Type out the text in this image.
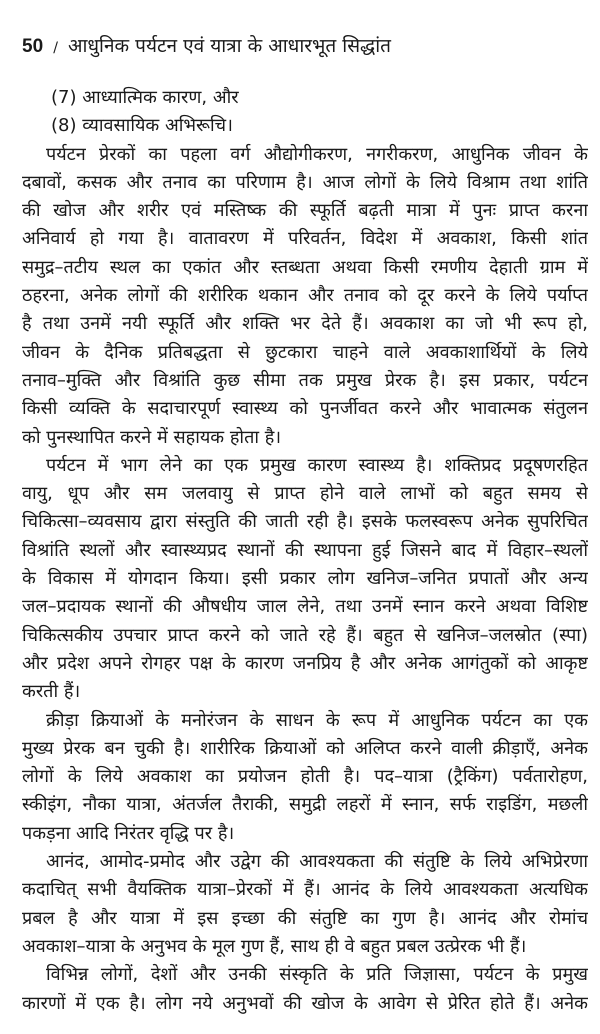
50 / आधुनिक पर्यटन एवं यात्रा के आधारभूत सिद्धांत
(7) आध्यात्मिक कारण, और
(8) व्यावसायिक अभिरूचि।
पर्यटन प्रेरकों का पहला वर्ग औद्योगीकरण, नगरीकरण, आधुनिक जीवन के
दबावों, कसक और तनाव का परिणाम है। आज लोगों के लिये विश्राम तथा शांति
की खोज और शरीर एवं मस्तिष्क की स्फूर्ति बढ़ती मात्रा में पुनः प्राप्त करना
अनिवार्य हो गया है। वातावरण में परिवर्तन, विदेश में अवकाश, किसी शांत
समुद्र–तटीय स्थल का एकांत और स्तब्धता अथवा किसी रमणीय देहाती ग्राम में
ठहरना, अनेक लोगों की शरीरिक थकान और तनाव को दूर करने के लिये पर्याप्त
है तथा उनमें नयी स्फूर्ति और शक्ति भर देते हैं। अवकाश का जो भी रूप हो,
जीवन के दैनिक प्रतिबद्धता से छुटकारा चाहने वाले अवकाशार्थियों के लिये
तनाव–मुक्ति और विश्रांति कुछ सीमा तक प्रमुख प्रेरक है। इस प्रकार, पर्यटन
किसी व्यक्ति के सदाचारपूर्ण स्वास्थ्य को पुनर्जीवत करने और भावात्मक संतुलन
को पुनस्थापित करने में सहायक होता है।
पर्यटन में भाग लेने का एक प्रमुख कारण स्वास्थ्य है। शक्तिप्रद प्रदूषणरहित
वायु, धूप और सम जलवायु से प्राप्त होने वाले लाभों को बहुत समय से
चिकित्सा–व्यवसाय द्वारा संस्तुति की जाती रही है। इसके फलस्वरूप अनेक सुपरिचित
विश्रांति स्थलों और स्वास्थ्यप्रद स्थानों की स्थापना हुई जिसने बाद में विहार–स्थलों
के विकास में योगदान किया। इसी प्रकार लोग खनिज–जनित प्रपातों और अन्य
जल–प्रदायक स्थानों की औषधीय जाल लेने, तथा उनमें स्नान करने अथवा विशिष्ट
चिकित्सकीय उपचार प्राप्त करने को जाते रहे हैं। बहुत से खनिज–जलस्रोत (स्पा)
और प्रदेश अपने रोगहर पक्ष के कारण जनप्रिय है और अनेक आगंतुकों को आकृष्ट
करती हैं।
क्रीड़ा क्रियाओं के मनोरंजन के साधन के रूप में आधुनिक पर्यटन का एक
मुख्य प्रेरक बन चुकी है। शारीरिक क्रियाओं को अलिप्त करने वाली क्रीड़ाएँ, अनेक
लोगों के लिये अवकाश का प्रयोजन होती है। पद–यात्रा (ट्रैकिंग) पर्वतारोहण,
स्कीइंग, नौका यात्रा, अंतर्जल तैराकी, समुद्री लहरों में स्नान, सर्फ राइडिंग, मछली
पकड़ना आदि निरंतर वृद्धि पर है।
आनंद, आमोद-प्रमोद और उद्वेग की आवश्यकता की संतुष्टि के लिये अभिप्रेरणा
कदाचित् सभी वैयक्तिक यात्रा–प्रेरकों में हैं। आनंद के लिये आवश्यकता अत्यधिक
प्रबल है और यात्रा में इस इच्छा की संतुष्टि का गुण है। आनंद और रोमांच
अवकाश–यात्रा के अनुभव के मूल गुण हैं, साथ ही वे बहुत प्रबल उत्प्रेरक भी हैं।
विभिन्न लोगों, देशों और उनकी संस्कृति के प्रति जिज्ञासा, पर्यटन के प्रमुख
कारणों में एक है। लोग नये अनुभवों की खोज के आवेग से प्रेरित होते हैं। अनेक
